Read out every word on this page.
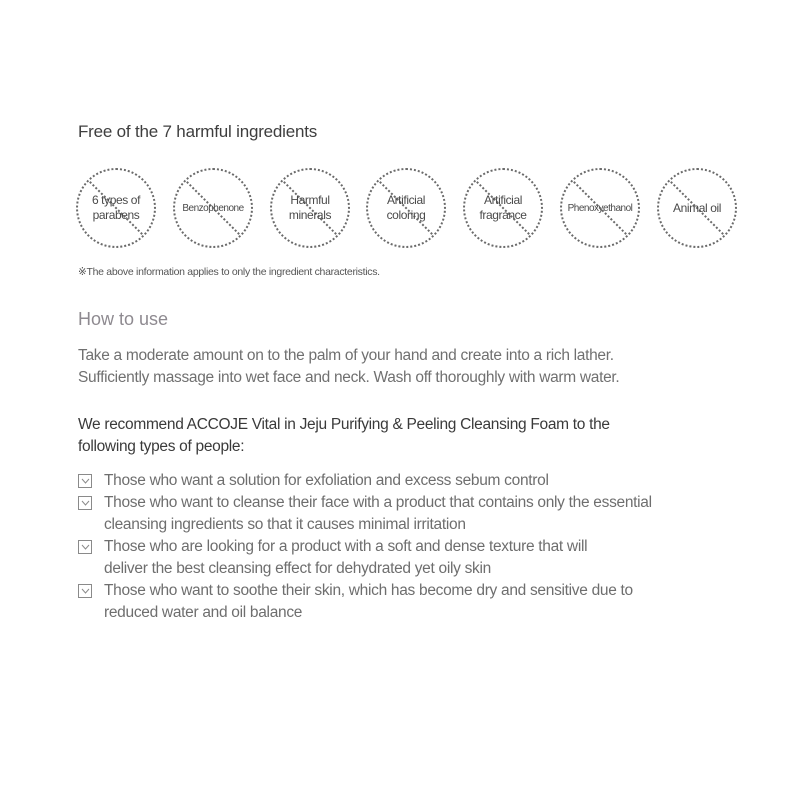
Free of the 7 harmful ingredients
6 types of
parabens	Benzophenone
Harmful
minerals
Artificial
coloring
Artificial
fragrance	Phenoxyethanol	Animal oil
※The above information applies to only the ingredient characteristics.
How to use
Take a moderate amount on to the palm of your hand and create into a rich lather.
Sufficiently massage into wet face and neck. Wash off thoroughly with warm water.
We recommend ACCOJE Vital in Jeju Purifying & Peeling Cleansing Foam to the
following types of people:
Those who want a solution for exfoliation and excess sebum control
Those who want to cleanse their face with a product that contains only the essential
cleansing ingredients so that it causes minimal irritation
Those who are looking for a product with a soft and dense texture that will
deliver the best cleansing effect for dehydrated yet oily skin
Those who want to soothe their skin, which has become dry and sensitive due to
reduced water and oil balance
